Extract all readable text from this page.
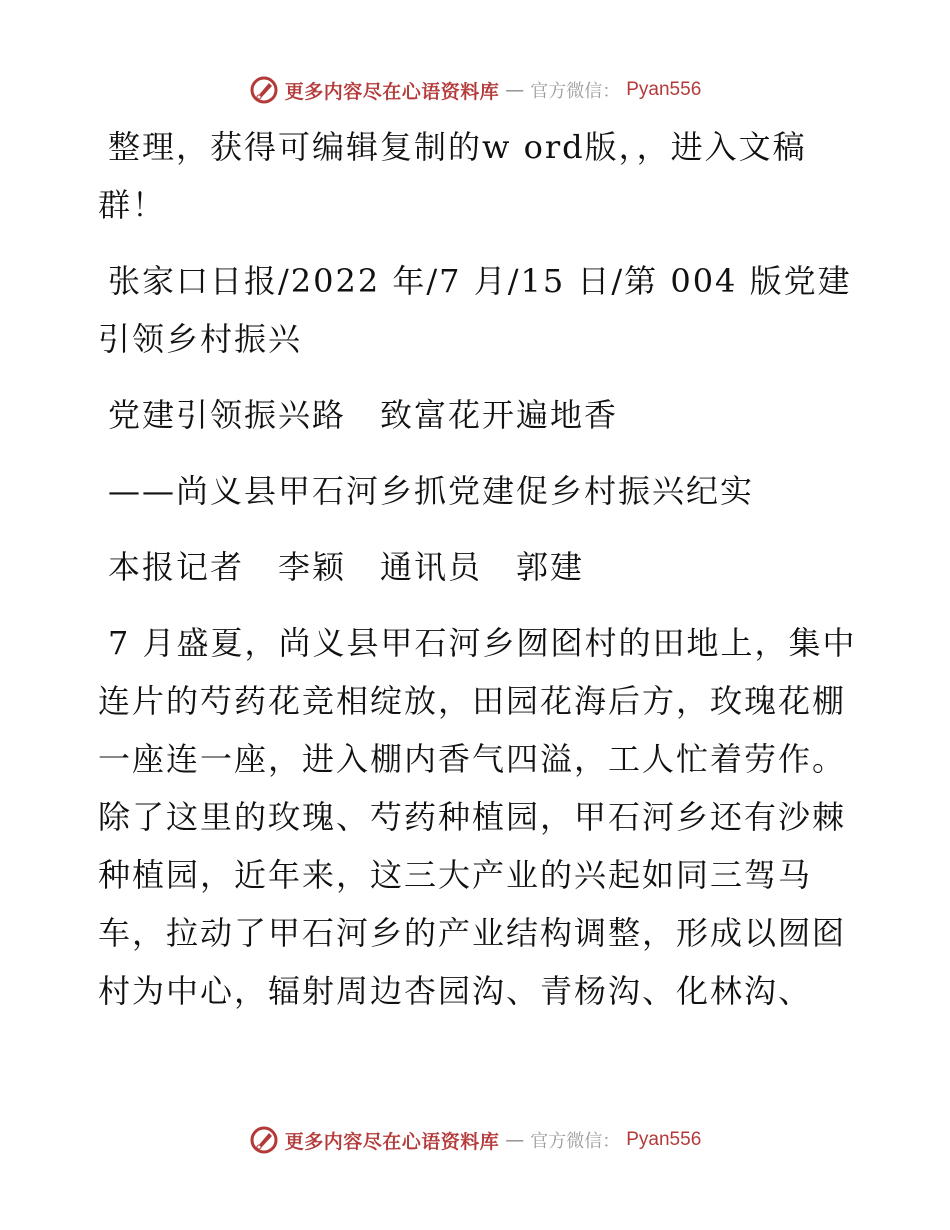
更多内容尽在心语资料库 — 官方微信： Pyan556

整理，获得可编辑复制的w ord版，，进入文稿群！

张家口日报/2022 年/7 月/15 日/第 004 版党建引领乡村振兴

党建引领振兴路　致富花开遍地香

——尚义县甲石河乡抓党建促乡村振兴纪实

本报记者　李颖　通讯员　郭建

7 月盛夏，尚义县甲石河乡囫囵村的田地上，集中连片的芍药花竞相绽放，田园花海后方，玫瑰花棚一座连一座，进入棚内香气四溢，工人忙着劳作。除了这里的玫瑰、芍药种植园，甲石河乡还有沙棘种植园，近年来，这三大产业的兴起如同三驾马车，拉动了甲石河乡的产业结构调整，形成以囫囵村为中心，辐射周边杏园沟、青杨沟、化林沟、

更多内容尽在心语资料库 — 官方微信： Pyan556
